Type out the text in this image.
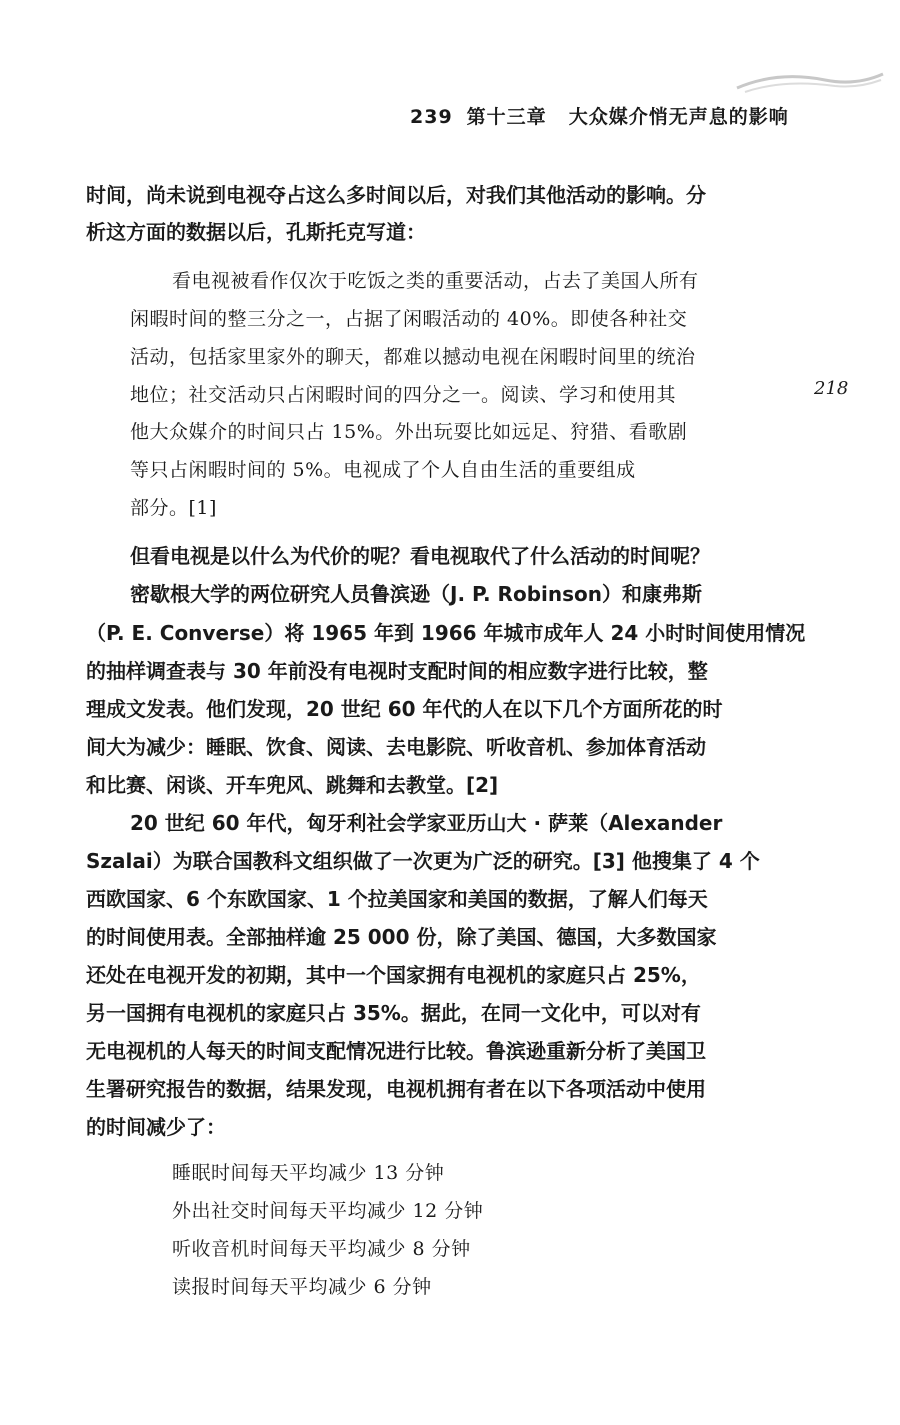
239 第十三章 大众媒介悄无声息的影响
218
时间，尚未说到电视夺占这么多时间以后，对我们其他活动的影响。分
析这方面的数据以后，孔斯托克写道：
看电视被看作仅次于吃饭之类的重要活动，占去了美国人所有
闲暇时间的整三分之一，占据了闲暇活动的 40%。即使各种社交
活动，包括家里家外的聊天，都难以撼动电视在闲暇时间里的统治
地位；社交活动只占闲暇时间的四分之一。阅读、学习和使用其
他大众媒介的时间只占 15%。外出玩耍比如远足、狩猎、看歌剧
等只占闲暇时间的 5%。电视成了个人自由生活的重要组成
部分。[1]
但看电视是以什么为代价的呢？看电视取代了什么活动的时间呢？
密歇根大学的两位研究人员鲁滨逊（J. P. Robinson）和康弗斯
（P. E. Converse）将 1965 年到 1966 年城市成年人 24 小时时间使用情况
的抽样调查表与 30 年前没有电视时支配时间的相应数字进行比较，整
理成文发表。他们发现，20 世纪 60 年代的人在以下几个方面所花的时
间大为减少：睡眠、饮食、阅读、去电影院、听收音机、参加体育活动
和比赛、闲谈、开车兜风、跳舞和去教堂。[2]
20 世纪 60 年代，匈牙利社会学家亚历山大 · 萨莱（Alexander
Szalai）为联合国教科文组织做了一次更为广泛的研究。[3] 他搜集了 4 个
西欧国家、6 个东欧国家、1 个拉美国家和美国的数据，了解人们每天
的时间使用表。全部抽样逾 25 000 份，除了美国、德国，大多数国家
还处在电视开发的初期，其中一个国家拥有电视机的家庭只占 25%，
另一国拥有电视机的家庭只占 35%。据此，在同一文化中，可以对有
无电视机的人每天的时间支配情况进行比较。鲁滨逊重新分析了美国卫
生署研究报告的数据，结果发现，电视机拥有者在以下各项活动中使用
的时间减少了：
睡眠时间每天平均减少 13 分钟
外出社交时间每天平均减少 12 分钟
听收音机时间每天平均减少 8 分钟
读报时间每天平均减少 6 分钟
